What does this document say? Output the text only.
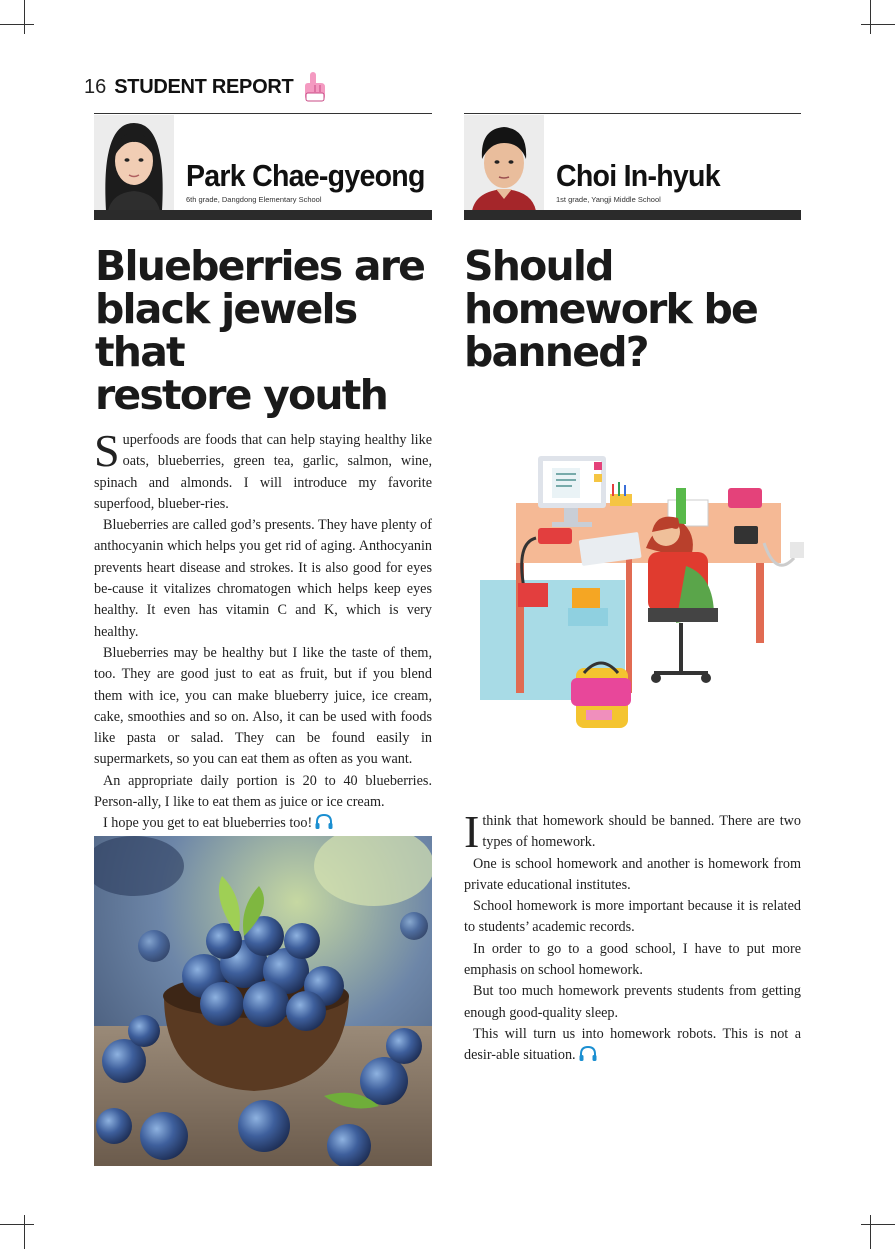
16 STUDENT REPORT
Park Chae-gyeong
6th grade, Dangdong Elementary School
Choi In-hyuk
1st grade, Yangji Middle School
Blueberries are
black jewels that
restore youth
Should
homework be
banned?

Superfoods are foods that can help staying healthy like oats, blueberries, green tea, garlic, salmon, wine, spinach and almonds. I will introduce my favorite superfood, blueber-ries.

Blueberries are called god’s presents. They have plenty of anthocyanin which helps you get rid of aging. Anthocyanin prevents heart disease and strokes. It is also good for eyes be-cause it vitalizes chromatogen which helps keep eyes healthy. It even has vitamin C and K, which is very healthy.

Blueberries may be healthy but I like the taste of them, too. They are good just to eat as fruit, but if you blend them with ice, you can make blueberry juice, ice cream, cake, smoothies and so on. Also, it can be used with foods like pasta or salad. They can be found easily in supermarkets, so you can eat them as often as you want.

An appropriate daily portion is 20 to 40 blueberries. Person-ally, I like to eat them as juice or ice cream.

I hope you get to eat blueberries too!	Ithink that homework should be banned. There are two types of homework.

One is school homework and another is homework from private educational institutes.

School homework is more important because it is related to students’ academic records.

In order to go to a good school, I have to put more emphasis on school homework.

But too much homework prevents students from getting enough good-quality sleep.

This will turn us into homework robots. This is not a desir-able situation.
